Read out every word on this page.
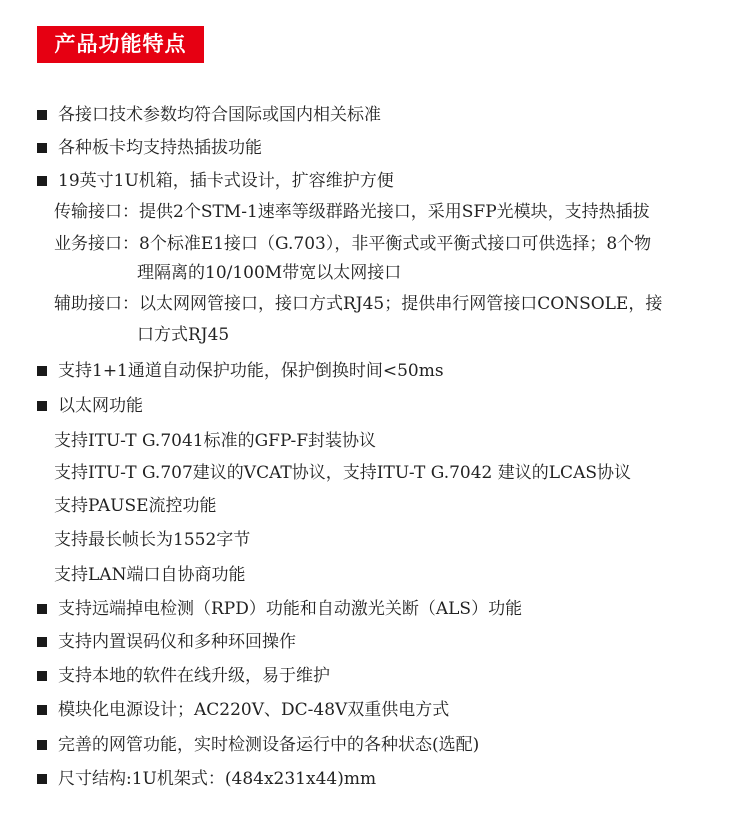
产品功能特点
各接口技术参数均符合国际或国内相关标准
各种板卡均支持热插拔功能
19英寸1U机箱，插卡式设计，扩容维护方便
传输接口：提供2个STM-1速率等级群路光接口，采用SFP光模块，支持热插拔
业务接口：8个标准E1接口（G.703），非平衡式或平衡式接口可供选择；8个物
理隔离的10/100M带宽以太网接口
辅助接口：以太网网管接口，接口方式RJ45；提供串行网管接口CONSOLE，接
口方式RJ45
支持1+1通道自动保护功能，保护倒换时间<50ms
以太网功能
支持ITU-T G.7041标准的GFP-F封装协议
支持ITU-T G.707建议的VCAT协议，支持ITU-T G.7042 建议的LCAS协议
支持PAUSE流控功能
支持最长帧长为1552字节
支持LAN端口自协商功能
支持远端掉电检测（RPD）功能和自动激光关断（ALS）功能
支持内置误码仪和多种环回操作
支持本地的软件在线升级，易于维护
模块化电源设计；AC220V、DC-48V双重供电方式
完善的网管功能，实时检测设备运行中的各种状态(选配)
尺寸结构:1U机架式：(484x231x44)mm
